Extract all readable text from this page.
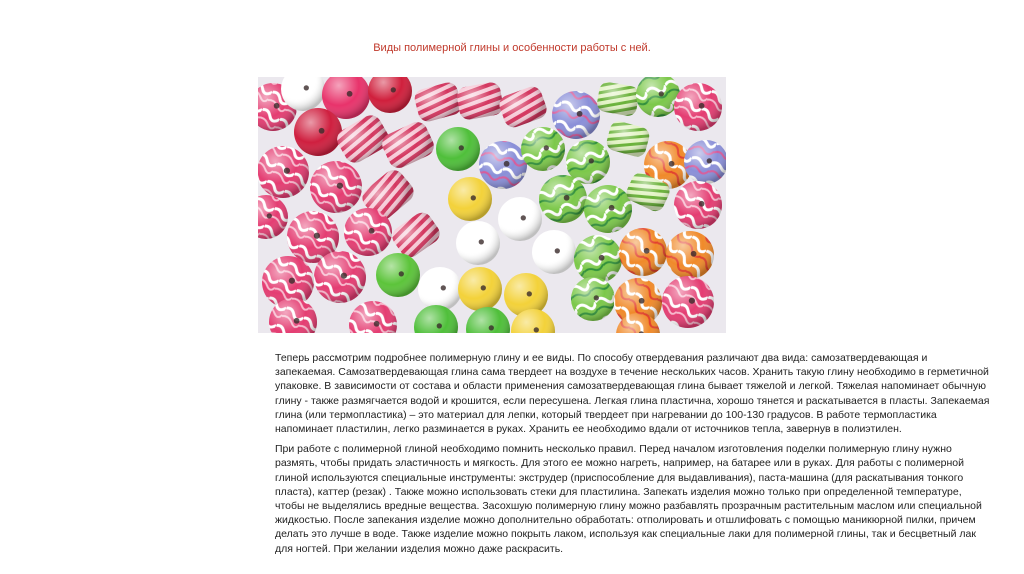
Виды полимерной глины и особенности работы с ней.

Теперь рассмотрим подробнее полимерную глину и ее виды. По способу отвердевания различают два вида: самозатвердевающая и запекаемая. Самозатвердевающая глина сама твердеет на воздухе в течение нескольких часов. Хранить такую глину необходимо в герметичной упаковке. В зависимости от состава и области применения самозатвердевающая глина бывает тяжелой и легкой. Тяжелая напоминает обычную глину - также размягчается водой и крошится, если пересушена. Легкая глина пластична, хорошо тянется и раскатывается в пласты. Запекаемая глина (или термопластика) – это материал для лепки, который твердеет при нагревании до 100-130 градусов. В работе термопластика напоминает пластилин, легко разминается в руках. Хранить ее необходимо вдали от источников тепла, завернув в полиэтилен.

При работе с полимерной глиной необходимо помнить несколько правил. Перед началом изготовления поделки полимерную глину нужно размять, чтобы придать эластичность и мягкость. Для этого ее можно нагреть, например, на батарее или в руках. Для работы с полимерной глиной используются специальные инструменты: экструдер (приспособление для выдавливания), паста-машина (для раскатывания тонкого пласта), каттер (резак) . Также можно использовать стеки для пластилина. Запекать изделия можно только при определенной температуре, чтобы не выделялись вредные вещества. Засохшую полимерную глину можно разбавлять прозрачным растительным маслом или специальной жидкостью. После запекания изделие можно дополнительно обработать: отполировать и отшлифовать с помощью маникюрной пилки, причем делать это лучше в воде. Также изделие можно покрыть лаком, используя как специальные лаки для полимерной глины, так и бесцветный лак для ногтей. При желании изделия можно даже раскрасить.
